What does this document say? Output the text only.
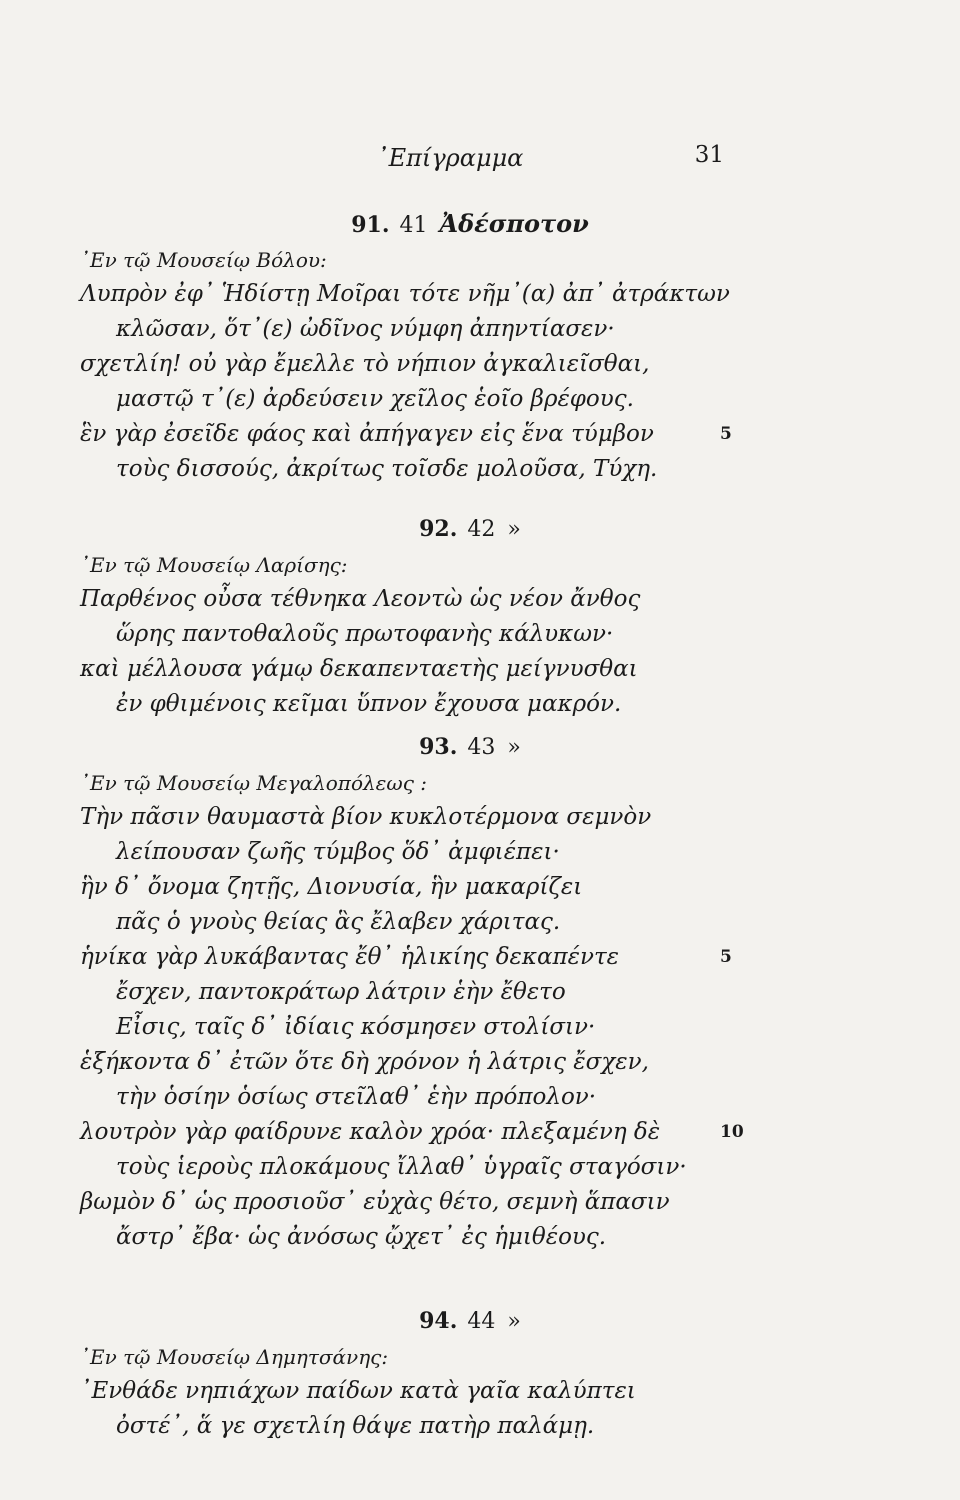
᾿Επίγραμμα	31
91. 41 Ἀδέσποτον
᾿Εν τῷ Μουσείῳ Βόλου:
Λυπρὸν ἐφ᾿ Ἡδίστῃ Μοῖραι τότε νῆμ᾿(α) ἀπ᾿ ἀτράκτων
κλῶσαν, ὅτ᾿(ε) ὠδῖνος νύμφη ἀπηντίασεν·
σχετλίη! οὐ γὰρ ἔμελλε τὸ νήπιον ἀγκαλιεῖσθαι,
μαστῷ τ᾿(ε) ἀρδεύσειν χεῖλος ἑοῖο βρέφους.
ἓν γὰρ ἐσεῖδε φάος καὶ ἀπήγαγεν εἰς ἕνα τύμβον	5
τοὺς δισσούς, ἀκρίτως τοῖσδε μολοῦσα, Τύχη.
92. 42 »
᾿Εν τῷ Μουσείῳ Λαρίσης:
Παρθένος οὖσα τέθνηκα Λεοντὼ ὡς νέον ἄνθος
ὥρης παντοθαλοῦς πρωτοφανὴς κάλυκων·
καὶ μέλλουσα γάμῳ δεκαπενταετὴς μείγνυσθαι
ἐν φθιμένοις κεῖμαι ὕπνον ἔχουσα μακρόν.
93. 43 »
᾿Εν τῷ Μουσείῳ Μεγαλοπόλεως :
Τὴν πᾶσιν θαυμαστὰ βίον κυκλοτέρμονα σεμνὸν
λείπουσαν ζωῆς τύμβος ὅδ᾿ ἀμφιέπει·
ἣν δ᾿ ὄνομα ζητῇς, Διονυσία, ἣν μακαρίζει
πᾶς ὁ γνοὺς θείας ἃς ἔλαβεν χάριτας.
ἡνίκα γὰρ λυκάβαντας ἔθ᾿ ἡλικίης δεκαπέντε	5
ἔσχεν, παντοκράτωρ λάτριν ἑὴν ἔθετο
Εἶσις, ταῖς δ᾿ ἰδίαις κόσμησεν στολίσιν·
ἑξήκοντα δ᾿ ἐτῶν ὅτε δὴ χρόνον ἡ λάτρις ἔσχεν,
τὴν ὁσίην ὁσίως στεῖλαθ᾿ ἑὴν πρόπολον·
λουτρὸν γὰρ φαίδρυνε καλὸν χρόα· πλεξαμένη δὲ	10
τοὺς ἱεροὺς πλοκάμους ἴλλαθ᾿ ὑγραῖς σταγόσιν·
βωμὸν δ᾿ ὡς προσιοῦσ᾿ εὐχὰς θέτο, σεμνὴ ἅπασιν
ἄστρ᾿ ἔβα· ὡς ἀνόσως ᾤχετ᾿ ἐς ἡμιθέους.
94. 44 »
᾿Εν τῷ Μουσείῳ Δημητσάνης:
᾿Ενθάδε νηπιάχων παίδων κατὰ γαῖα καλύπτει
ὀστέ᾿, ἅ γε σχετλίη θάψε πατὴρ παλάμῃ.
